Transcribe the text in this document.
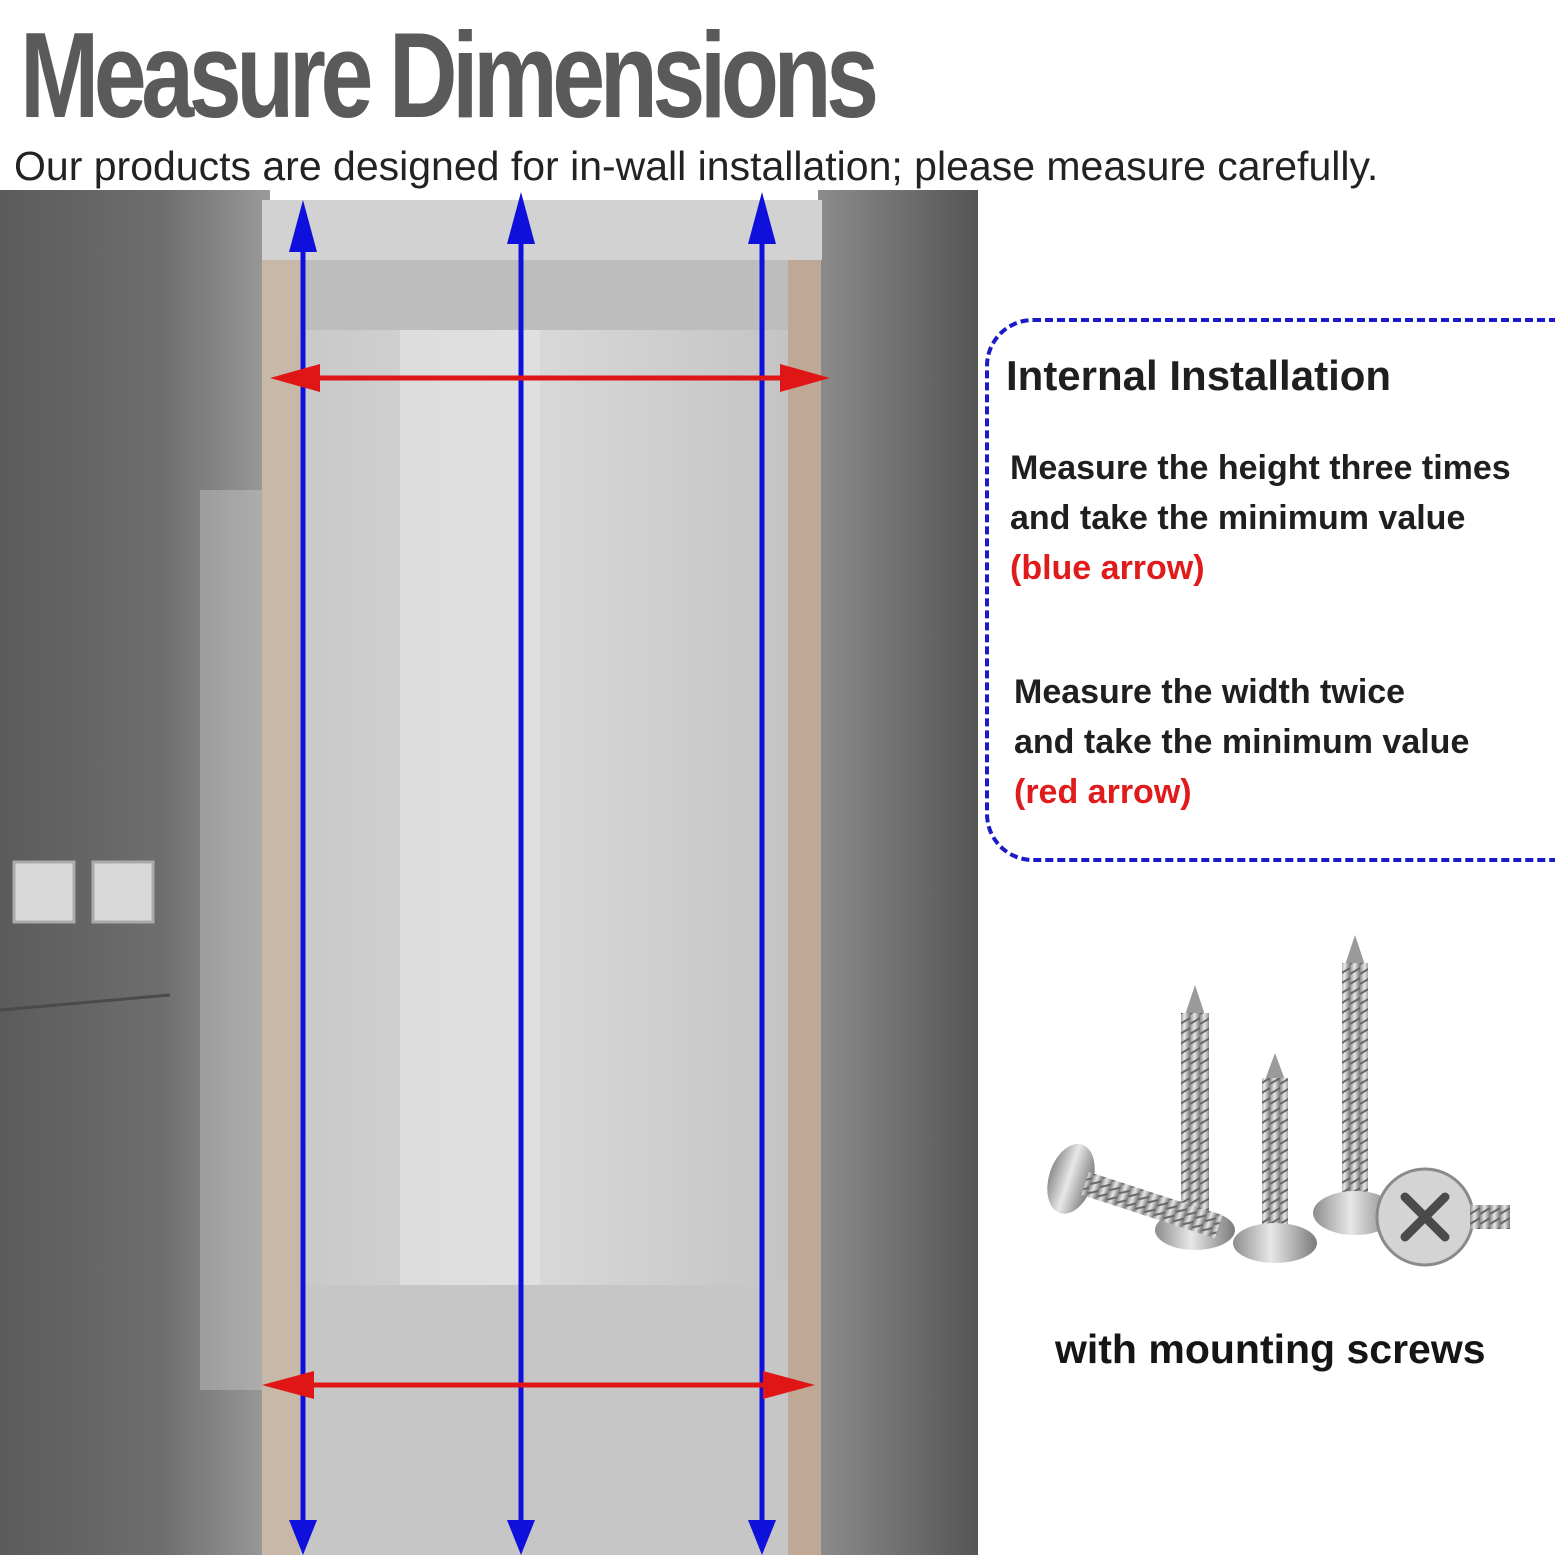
Measure Dimensions
Our products are designed for in-wall installation; please measure carefully.
Internal Installation
Measure the height three times
and take the minimum value
(blue arrow)
Measure the width twice
and take the minimum value
(red arrow)
with mounting screws
